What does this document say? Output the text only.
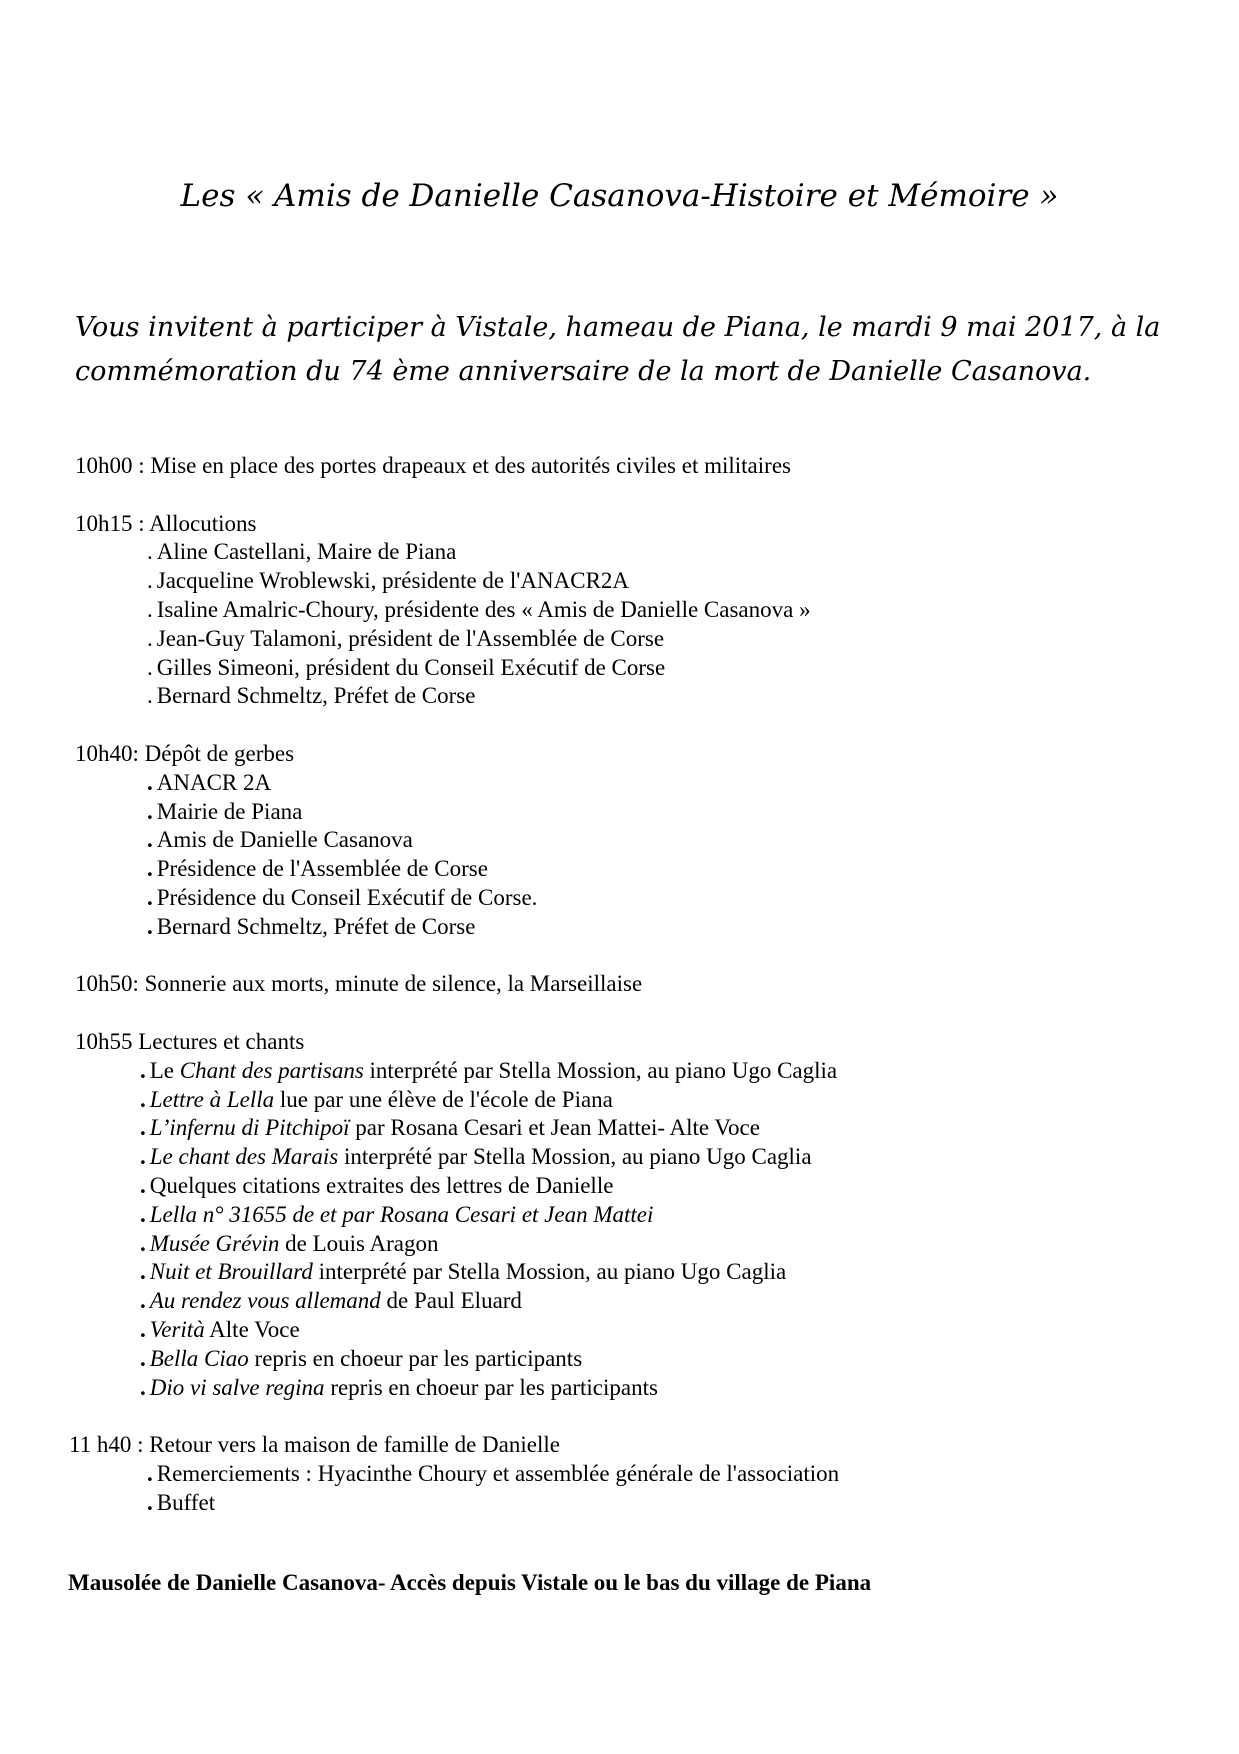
Les « Amis de Danielle Casanova-Histoire et Mémoire »

Vous invitent à participer à Vistale, hameau de Piana, le mardi 9 mai 2017, à la
commémoration du 74 ème anniversaire de la mort de Danielle Casanova.

10h00 : Mise en place des portes drapeaux et des autorités civiles et militaires
10h15 : Allocutions
. Aline Castellani, Maire de Piana
. Jacqueline Wroblewski, présidente de l'ANACR2A
. Isaline Amalric-Choury, présidente des « Amis de Danielle Casanova »
. Jean-Guy Talamoni, président de l'Assemblée de Corse
. Gilles Simeoni, président du Conseil Exécutif de Corse
. Bernard Schmeltz, Préfet de Corse
10h40: Dépôt de gerbes
. ANACR 2A
. Mairie de Piana
. Amis de Danielle Casanova
. Présidence de l'Assemblée de Corse
. Présidence du Conseil Exécutif de Corse.
. Bernard Schmeltz, Préfet de Corse
10h50: Sonnerie aux morts, minute de silence, la Marseillaise
10h55 Lectures et chants
. Le Chant des partisans interprété par Stella Mossion, au piano Ugo Caglia
. Lettre à Lella lue par une élève de l'école de Piana
. L’infernu di Pitchipoï par Rosana Cesari et Jean Mattei- Alte Voce
. Le chant des Marais interprété par Stella Mossion, au piano Ugo Caglia
. Quelques citations extraites des lettres de Danielle
. Lella n° 31655 de et par Rosana Cesari et Jean Mattei
. Musée Grévin de Louis Aragon
. Nuit et Brouillard interprété par Stella Mossion, au piano Ugo Caglia
. Au rendez vous allemand de Paul Eluard
. Verità Alte Voce
. Bella Ciao repris en choeur par les participants
. Dio vi salve regina repris en choeur par les participants
11 h40 : Retour vers la maison de famille de Danielle
. Remerciements : Hyacinthe Choury et assemblée générale de l'association
. Buffet

Mausolée de Danielle Casanova- Accès depuis Vistale ou le bas du village de Piana
